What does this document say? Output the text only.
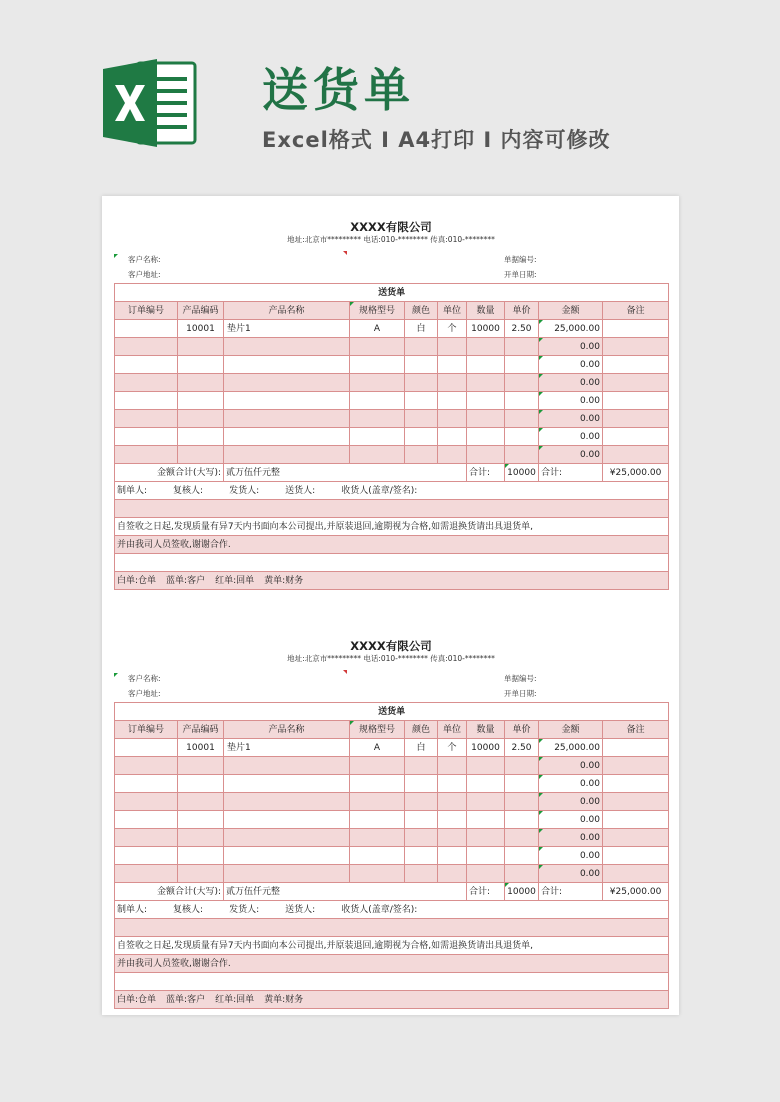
送货单
Excel格式 I A4打印 I 内容可修改
XXXX有限公司
地址:北京市********* 电话:010-******** 传真:010-********
客户名称:
客户地址:
单据编号:
开单日期:
送货单									
订单编号	产品编码	产品名称	规格型号	颜色	单位	数量	单价	金额	备注
	10001	垫片1	A	白	个	10000	2.50	25,000.00	
								0.00	
								0.00	
								0.00	
								0.00	
								0.00	
								0.00	
								0.00	
金额合计(大写):		贰万伍仟元整				合计:	10000	合计:	¥25,000.00
制单人: 复核人: 发货人: 送货人: 收货人(盖章/签名):									

自签收之日起,发现质量有异7天内书面向本公司提出,并原装退回,逾期视为合格,如需退换货请出具退货单,									
并由我司人员签收,谢谢合作.									

白单:仓单 蓝单:客户 红单:回单 黄单:财务									
XXXX有限公司
地址:北京市********* 电话:010-******** 传真:010-********
客户名称:
客户地址:
单据编号:
开单日期:
送货单									
订单编号	产品编码	产品名称	规格型号	颜色	单位	数量	单价	金额	备注
	10001	垫片1	A	白	个	10000	2.50	25,000.00	
								0.00	
								0.00	
								0.00	
								0.00	
								0.00	
								0.00	
								0.00	
金额合计(大写):		贰万伍仟元整				合计:	10000	合计:	¥25,000.00
制单人: 复核人: 发货人: 送货人: 收货人(盖章/签名):									

自签收之日起,发现质量有异7天内书面向本公司提出,并原装退回,逾期视为合格,如需退换货请出具退货单,									
并由我司人员签收,谢谢合作.									

白单:仓单 蓝单:客户 红单:回单 黄单:财务									
